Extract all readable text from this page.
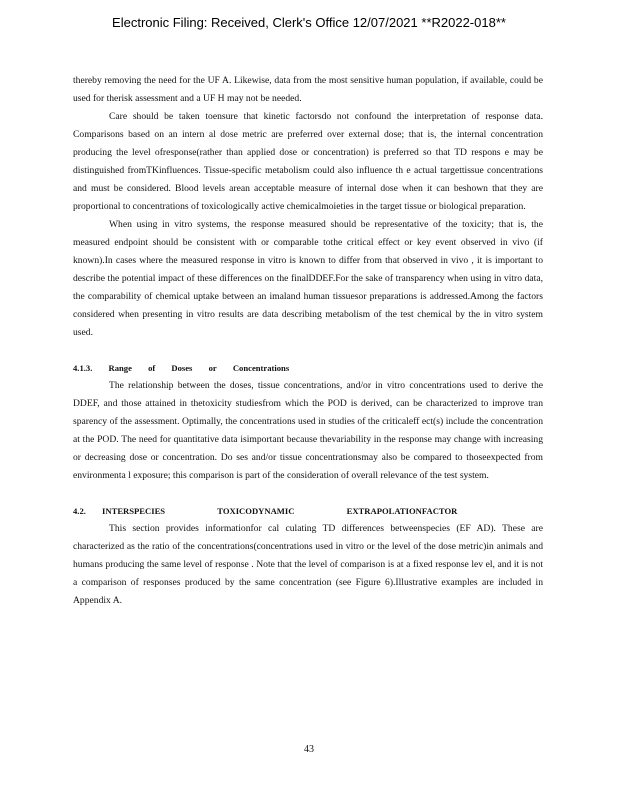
Electronic Filing: Received, Clerk's Office 12/07/2021 **R2022-018**

thereby removing the need for the UF A. Likewise, data from the most sensitive human population, if available, could be used for therisk assessment and a UF H may not be needed.

Care should be taken toensure that kinetic factorsdo not confound the interpretation of response data. Comparisons based on an intern al dose metric are preferred over external dose; that is, the internal concentration producing the level ofresponse(rather than applied dose or concentration) is preferred so that TD respons e may be distinguished fromTKinfluences. Tissue-specific metabolism could also influence th e actual targettissue concentrations and must be considered. Blood levels arean acceptable measure of internal dose when it can beshown that they are proportional to concentrations of toxicologically active chemicalmoieties in the target tissue or biological preparation.

When using in vitro systems, the response measured should be representative of the toxicity; that is, the measured endpoint should be consistent with or comparable tothe critical effect or key event observed in vivo (if known).In cases where the measured response in vitro is known to differ from that observed in vivo , it is important to describe the potential impact of these differences on the finalDDEF.For the sake of transparency when using in vitro data, the comparability of chemical uptake between an imaland human tissuesor preparations is addressed.Among the factors considered when presenting in vitro results are data describing metabolism of the test chemical by the in vitro system used.

4.1.3. Range of Doses or Concentrations

The relationship between the doses, tissue concentrations, and/or in vitro concentrations used to derive the DDEF, and those attained in thetoxicity studiesfrom which the POD is derived, can be characterized to improve tran sparency of the assessment. Optimally, the concentrations used in studies of the criticaleff ect(s) include the concentration at the POD. The need for quantitative data isimportant because thevariability in the response may change with increasing or decreasing dose or concentration. Do ses and/or tissue concentrationsmay also be compared to thoseexpected from environmenta l exposure; this comparison is part of the consideration of overall relevance of the test system.

4.2. INTERSPECIES	TOXICODYNAMIC	EXTRAPOLATIONFACTOR

This section provides informationfor cal culating TD differences betweenspecies (EF AD). These are characterized as the ratio of the concentrations(concentrations used in vitro or the level of the dose metric)in animals and humans producing the same level of response . Note that the level of comparison is at a fixed response lev el, and it is not a comparison of responses produced by the same concentration (see Figure 6).Illustrative examples are included in Appendix A.

43
